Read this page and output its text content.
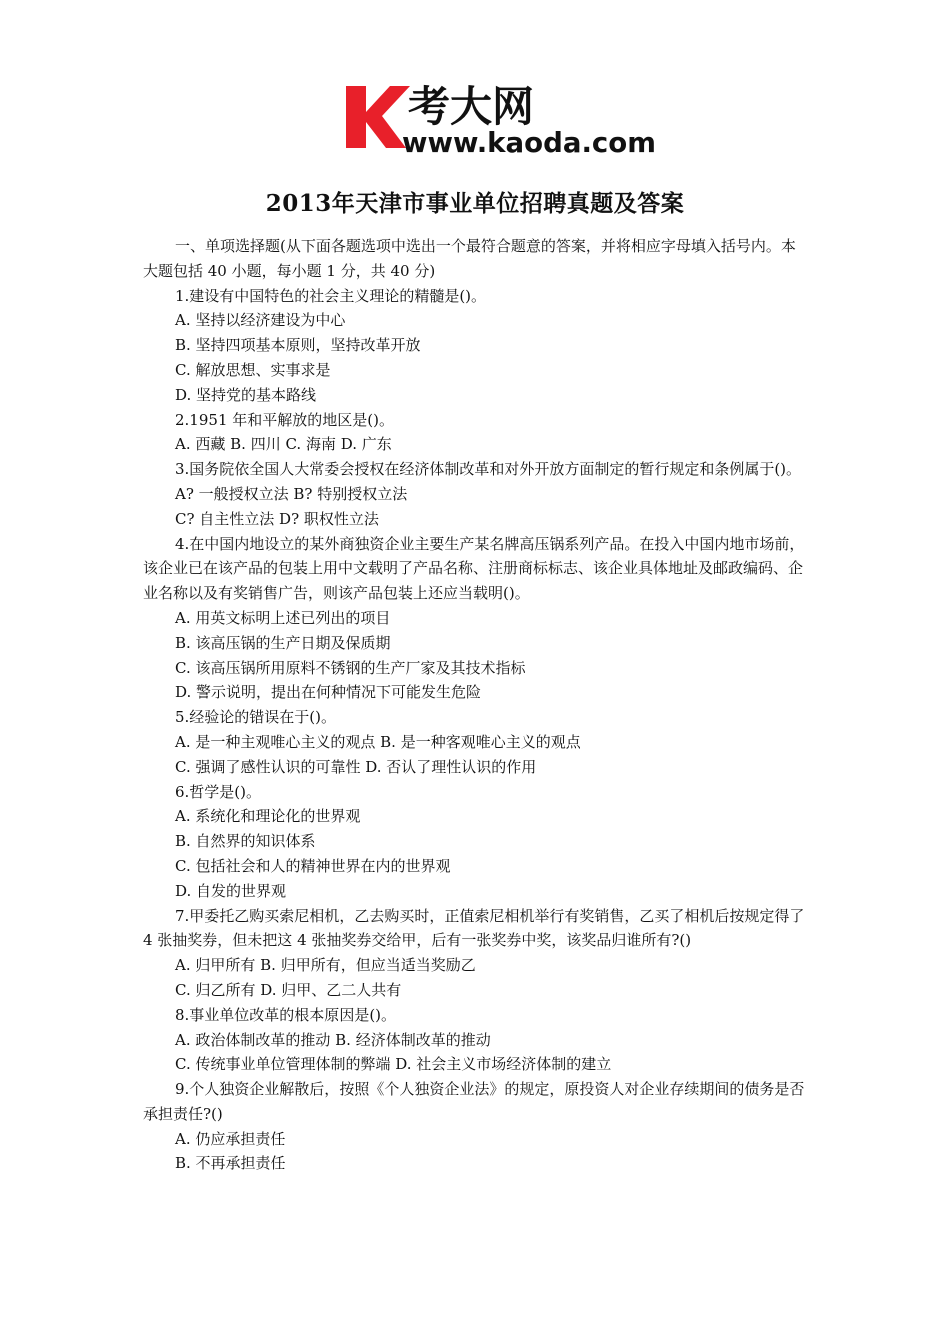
考大网
www.kaoda.com
2013年天津市事业单位招聘真题及答案

一、单项选择题(从下面各题选项中选出一个最符合题意的答案，并将相应字母填入括号内。本大题包括 40 小题，每小题 1 分，共 40 分)

1.建设有中国特色的社会主义理论的精髓是()。

A. 坚持以经济建设为中心

B. 坚持四项基本原则，坚持改革开放

C. 解放思想、实事求是

D. 坚持党的基本路线

2.1951 年和平解放的地区是()。

A. 西藏 B. 四川 C. 海南 D. 广东

3.国务院依全国人大常委会授权在经济体制改革和对外开放方面制定的暂行规定和条例属于()。

A? 一般授权立法 B? 特别授权立法

C? 自主性立法 D? 职权性立法

4.在中国内地设立的某外商独资企业主要生产某名牌高压锅系列产品。在投入中国内地市场前，该企业已在该产品的包装上用中文载明了产品名称、注册商标标志、该企业具体地址及邮政编码、企业名称以及有奖销售广告，则该产品包装上还应当载明()。

A. 用英文标明上述已列出的项目

B. 该高压锅的生产日期及保质期

C. 该高压锅所用原料不锈钢的生产厂家及其技术指标

D. 警示说明，提出在何种情况下可能发生危险

5.经验论的错误在于()。

A. 是一种主观唯心主义的观点 B. 是一种客观唯心主义的观点

C. 强调了感性认识的可靠性 D. 否认了理性认识的作用

6.哲学是()。

A. 系统化和理论化的世界观

B. 自然界的知识体系

C. 包括社会和人的精神世界在内的世界观

D. 自发的世界观

7.甲委托乙购买索尼相机，乙去购买时，正值索尼相机举行有奖销售，乙买了相机后按规定得了 4 张抽奖券，但未把这 4 张抽奖券交给甲，后有一张奖券中奖，该奖品归谁所有?()

A. 归甲所有 B. 归甲所有，但应当适当奖励乙

C. 归乙所有 D. 归甲、乙二人共有

8.事业单位改革的根本原因是()。

A. 政治体制改革的推动 B. 经济体制改革的推动

C. 传统事业单位管理体制的弊端 D. 社会主义市场经济体制的建立

9.个人独资企业解散后，按照《个人独资企业法》的规定，原投资人对企业存续期间的债务是否承担责任?()

A. 仍应承担责任

B. 不再承担责任
